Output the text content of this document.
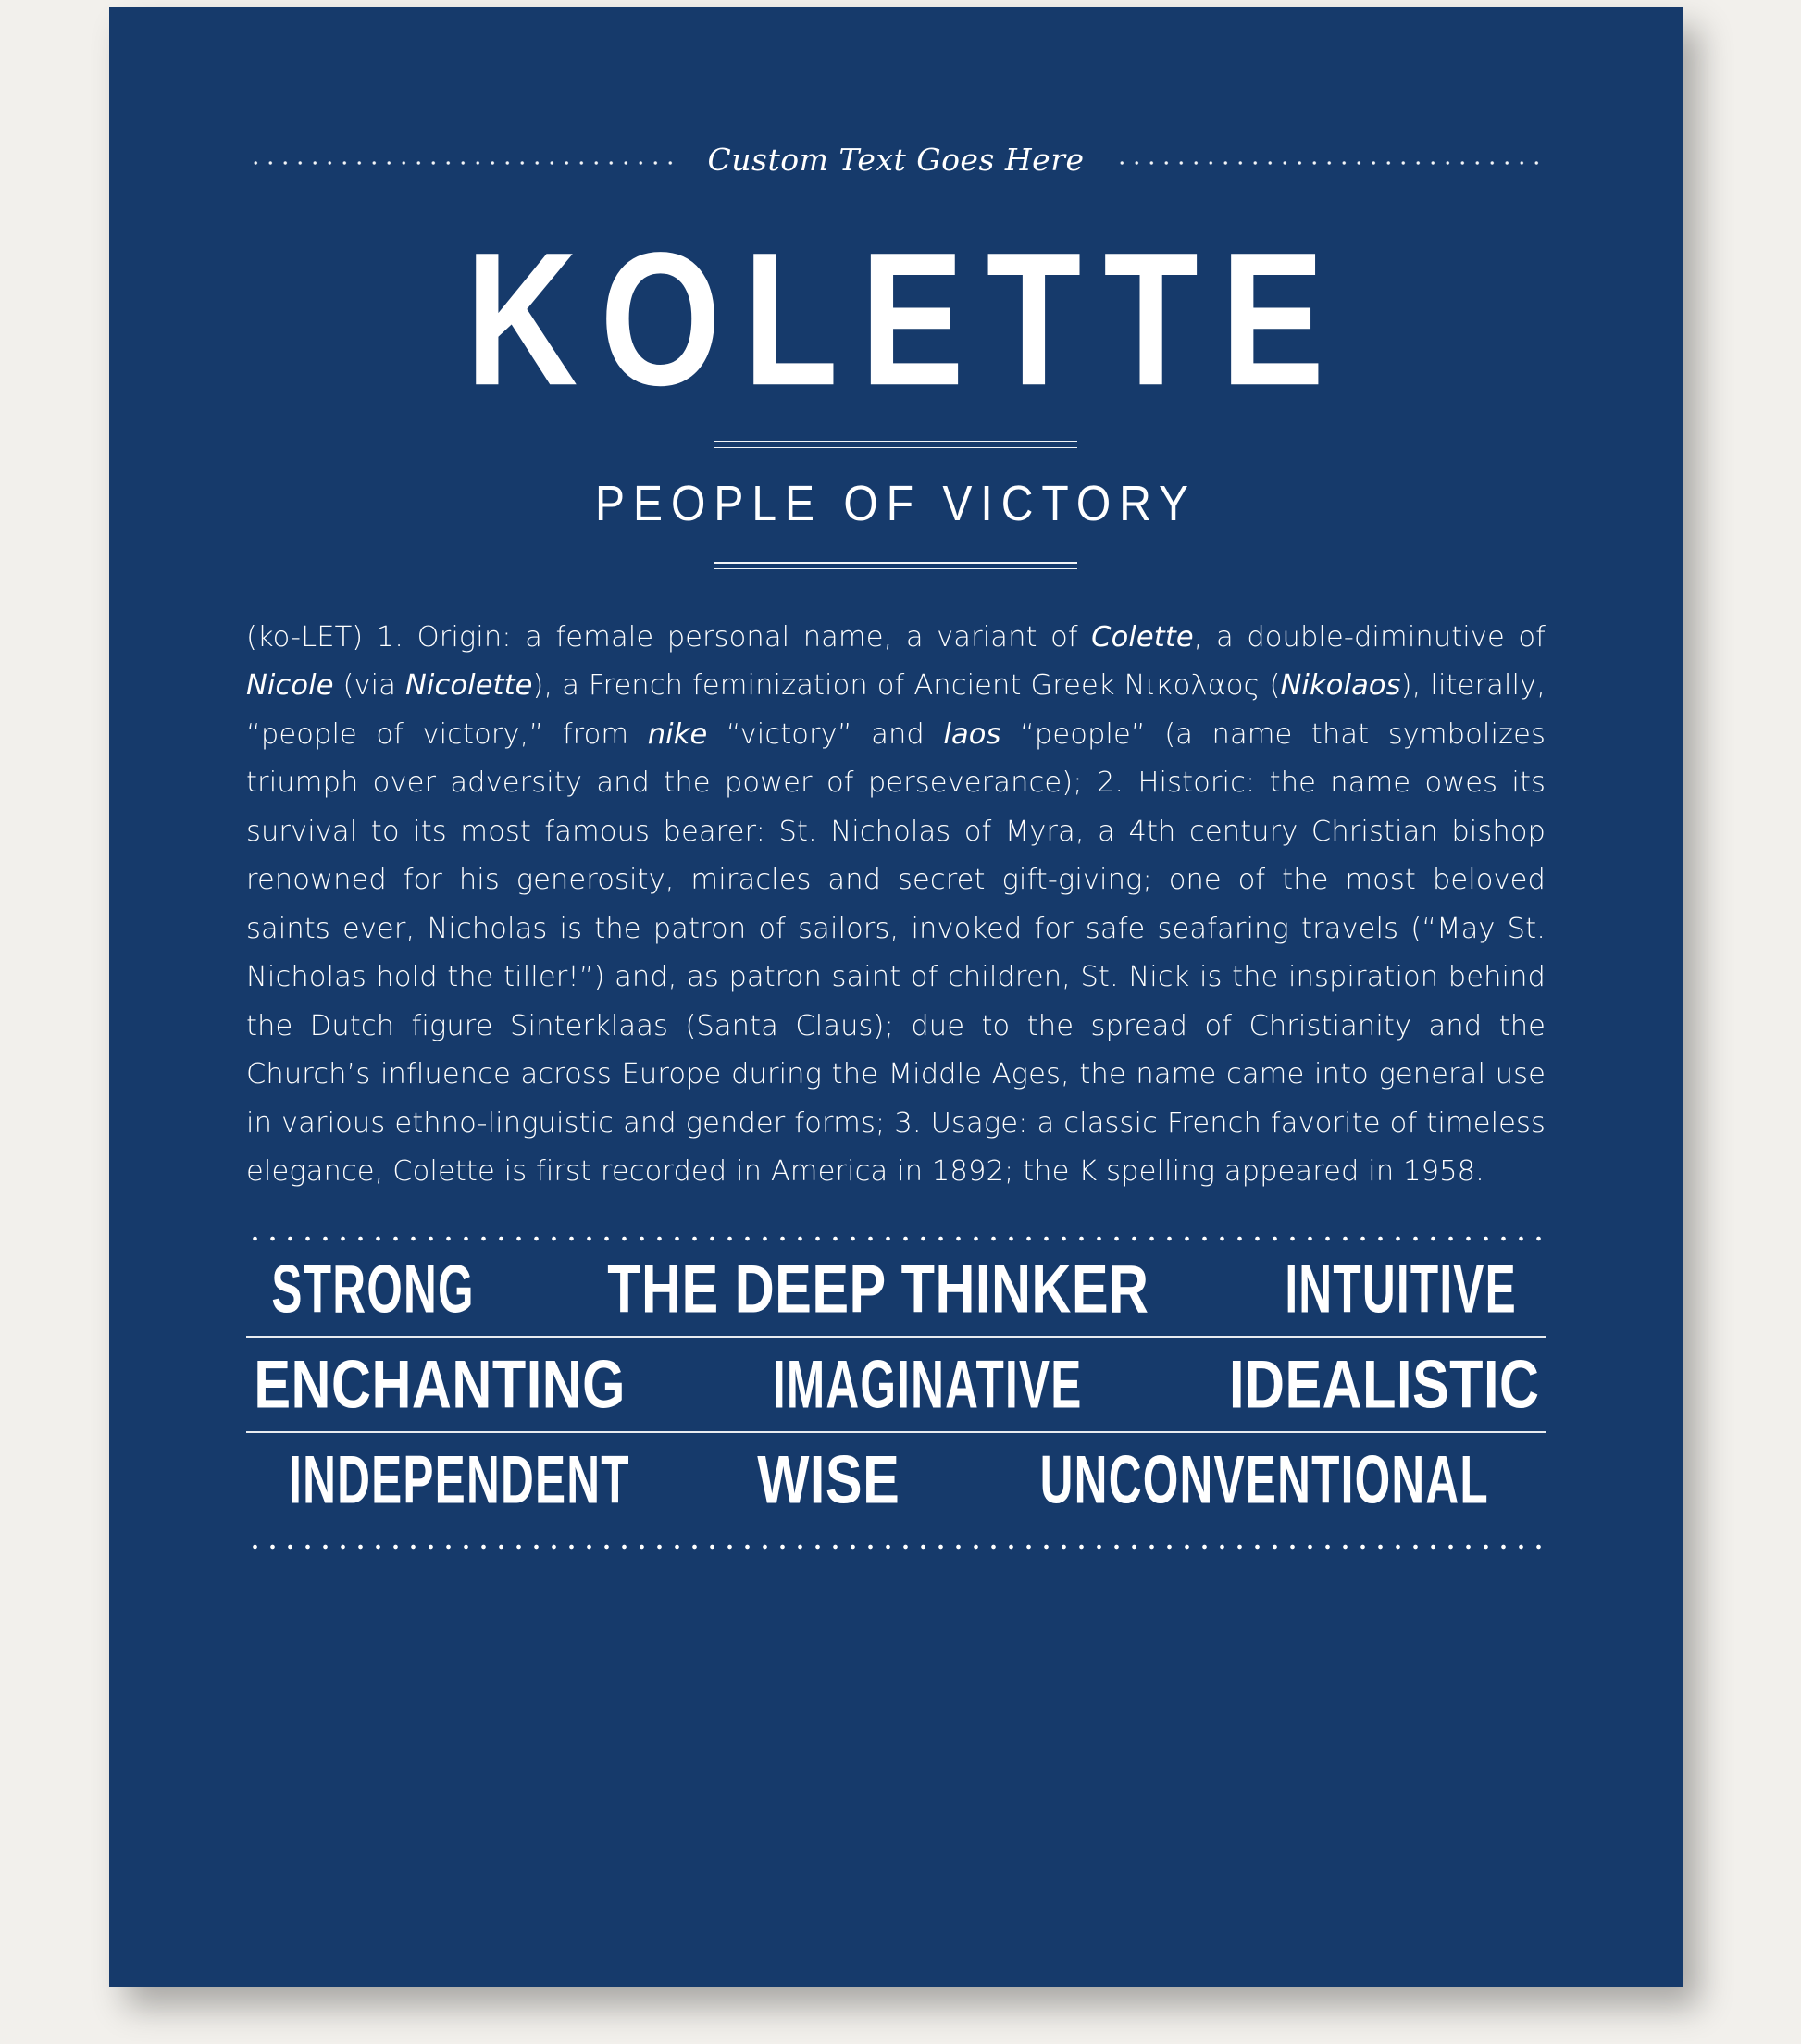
Custom Text Goes Here
KOLETTE
PEOPLE OF VICTORY
(ko-LET) 1. Origin: a female personal name, a variant of Colette, a double-diminutive of Nicole (via Nicolette), a French feminization of Ancient Greek Νικολαος (Nikolaos), literally, “people of victory,” from nike “victory” and laos “people” (a name that symbolizes triumph over adversity and the power of perseverance); 2. Historic: the name owes its survival to its most famous bearer: St. Nicholas of Myra, a 4th century Christian bishop renowned for his generosity, miracles and secret gift-giving; one of the most beloved saints ever, Nicholas is the patron of sailors, invoked for safe seafaring travels (“May St. Nicholas hold the tiller!”) and, as patron saint of children, St. Nick is the inspiration behind the Dutch figure Sinterklaas (Santa Claus); due to the spread of Christianity and the Church’s influence across Europe during the Middle Ages, the name came into general use in various ethno-linguistic and gender forms; 3. Usage: a classic French favorite of timeless elegance, Colette is first recorded in America in 1892; the K spelling appeared in 1958.
STRONG THE DEEP THINKER INTUITIVE
ENCHANTING	IMAGINATIVE	IDEALISTIC
INDEPENDENT WISE UNCONVENTIONAL
